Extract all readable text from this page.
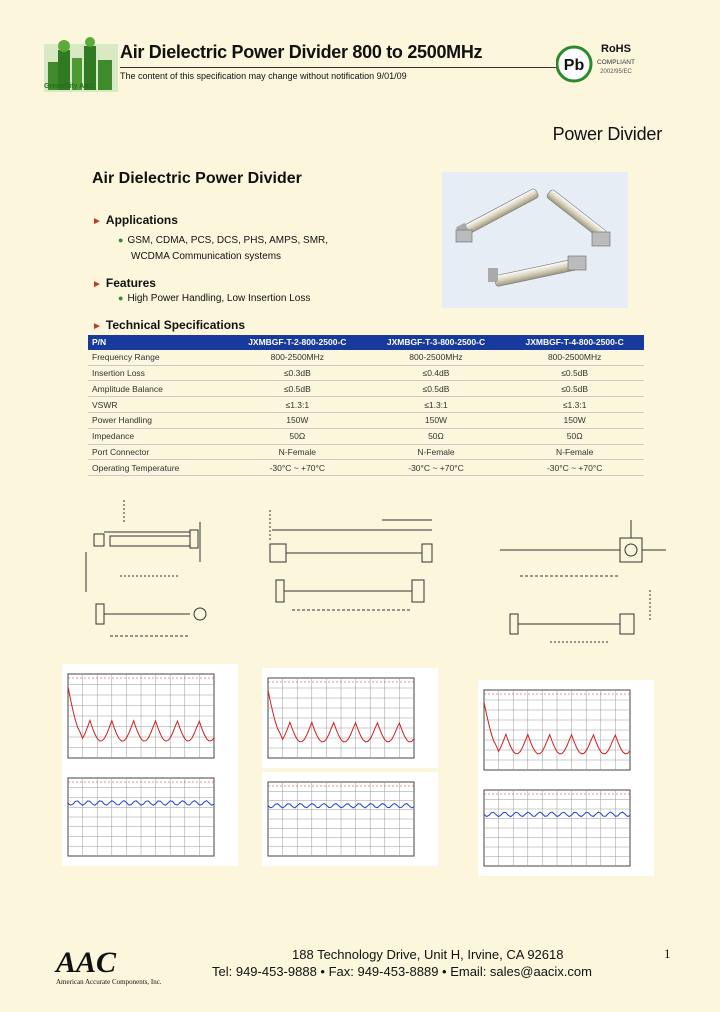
GreenCity AAC
Air Dielectric Power Divider 800 to 2500MHz
The content of this specification may change without notification 9/01/09
Pb
RoHS
COMPLIANT
2002/95/EC
Power Divider
Air Dielectric Power Divider
► Applications
● GSM, CDMA, PCS, DCS, PHS, AMPS, SMR,
WCDMA Communication systems
► Features
● High Power Handling, Low Insertion Loss
► Technical Specifications
P/N	JXMBGF-T-2-800-2500-C	JXMBGF-T-3-800-2500-C	JXMBGF-T-4-800-2500-C
Frequency Range	800-2500MHz	800-2500MHz	800-2500MHz
Insertion Loss	≤0.3dB	≤0.4dB	≤0.5dB
Amplitude Balance	≤0.5dB	≤0.5dB	≤0.5dB
VSWR	≤1.3:1	≤1.3:1	≤1.3:1
Power Handling	150W	150W	150W
Impedance	50Ω	50Ω	50Ω
Port Connector	N-Female	N-Female	N-Female
Operating Temperature	-30°C ~ +70°C	-30°C ~ +70°C	-30°C ~ +70°C
AAC
American Accurate Components, Inc.
188 Technology Drive, Unit H, Irvine, CA 92618
Tel: 949-453-9888 • Fax: 949-453-8889 • Email: sales@aacix.com
1
